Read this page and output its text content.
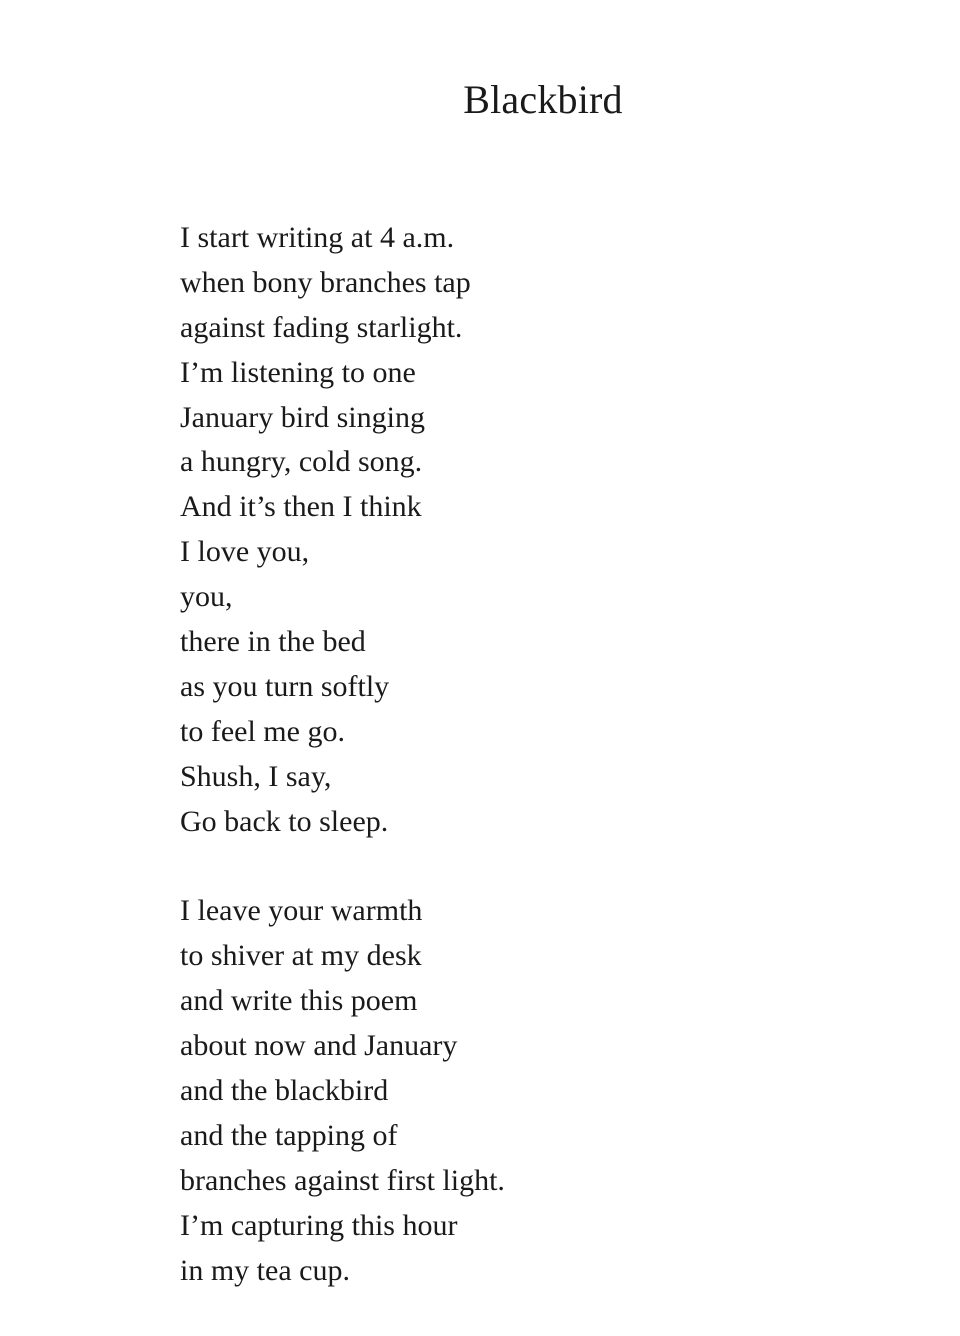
Blackbird
I start writing at 4 a.m.
when bony branches tap
against fading starlight.
I’m listening to one
January bird singing
a hungry, cold song.
And it’s then I think
I love you,
you,
there in the bed
as you turn softly
to feel me go.
Shush, I say,
Go back to sleep.
I leave your warmth
to shiver at my desk
and write this poem
about now and January
and the blackbird
and the tapping of
branches against first light.
I’m capturing this hour
in my tea cup.
